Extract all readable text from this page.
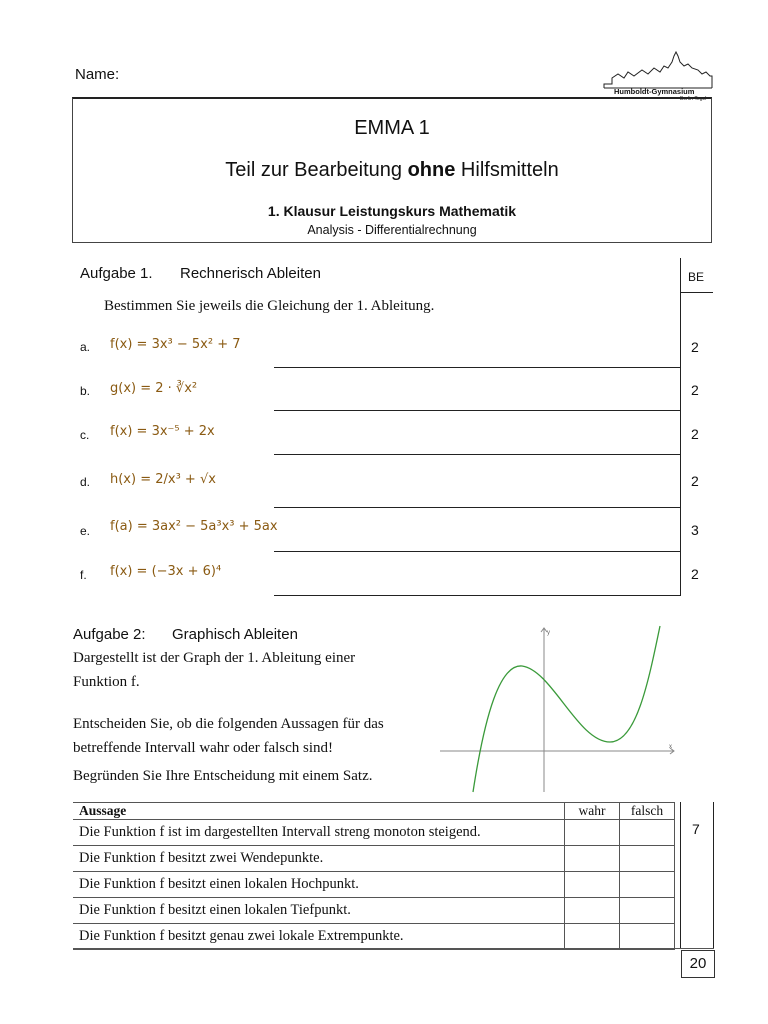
Name:
Humboldt-Gymnasium
Berlin-Tegel
EMMA 1
Teil zur Bearbeitung ohne Hilfsmitteln
1. Klausur Leistungskurs Mathematik
Analysis - Differentialrechnung
Aufgabe 1. Rechnerisch Ableiten	BE
Bestimmen Sie jeweils die Gleichung der 1. Ableitung.
a. f(x) = 3x³ − 5x² + 7	2
b. g(x) = 2 · ∛x²	2
c. f(x) = 3x⁻⁵ + 2x	2
d. h(x) = 2/x³ + √x	2
e. f(a) = 3ax² − 5a³x³ + 5ax	3
f. f(x) = (−3x + 6)⁴	2
Aufgabe 2: Graphisch Ableiten
Dargestellt ist der Graph der 1. Ableitung einer
Funktion f.
Entscheiden Sie, ob die folgenden Aussagen für das
betreffende Intervall wahr oder falsch sind!
Begründen Sie Ihre Entscheidung mit einem Satz.
x
y
Aussage	wahr	falsch
Die Funktion f ist im dargestellten Intervall streng monoton steigend.		
Die Funktion f besitzt zwei Wendepunkte.		
Die Funktion f besitzt einen lokalen Hochpunkt.		
Die Funktion f besitzt einen lokalen Tiefpunkt.		
Die Funktion f besitzt genau zwei lokale Extrempunkte.		
7
20
